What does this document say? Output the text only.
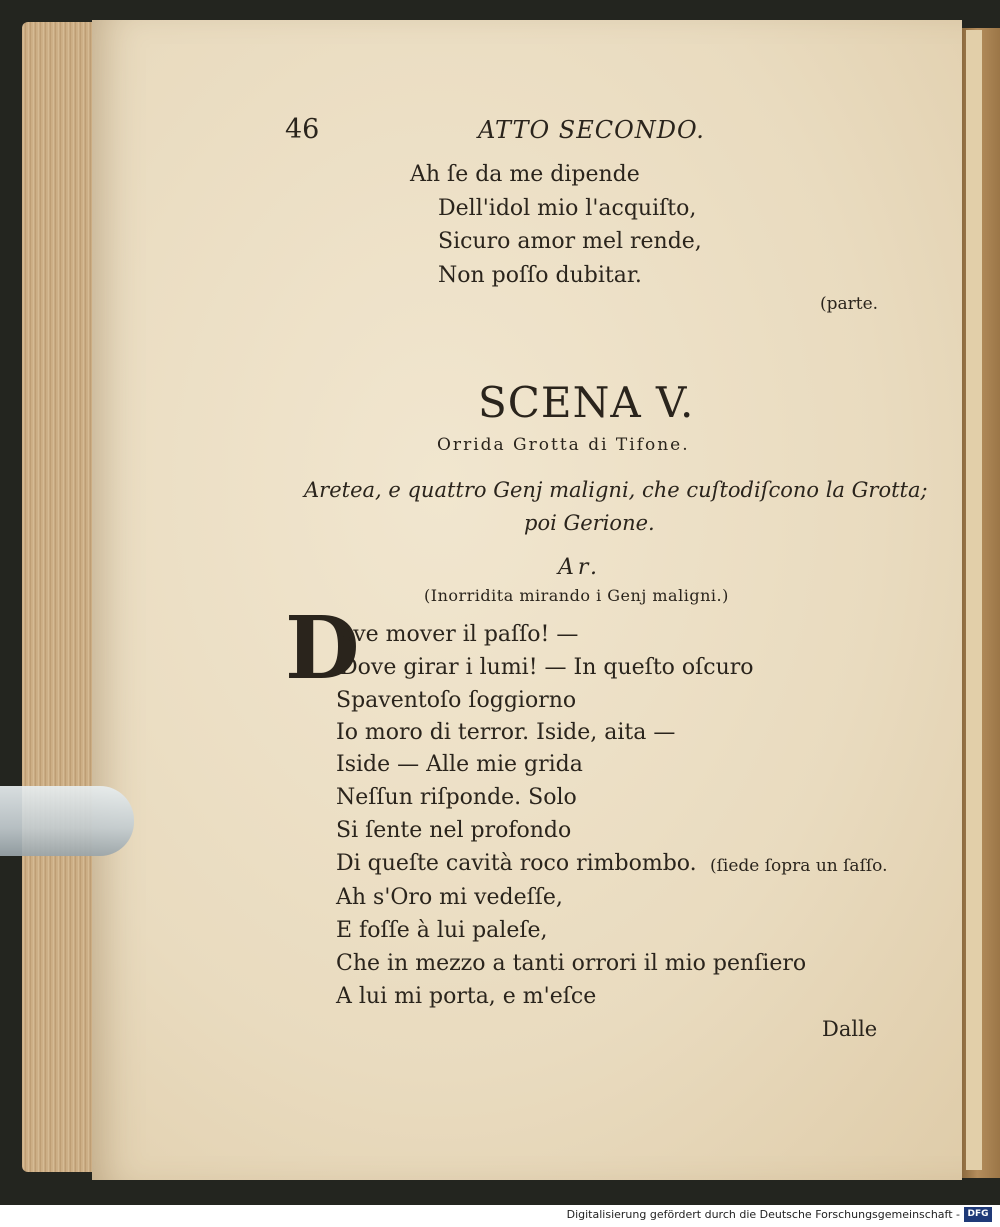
46	ATTO SECONDO.
Ah ſe da me dipende
Dell'idol mio l'acquiſto,
Sicuro amor mel rende,
Non poſſo dubitar.
(parte.
SCENA V.
Orrida Grotta di Tifone.
Aretea, e quattro Genj maligni, che cuſtodiſcono la Grotta;
poi Gerione.
Ar.
(Inorridita mirando i Genj maligni.)
D
ove mover il paſſo! —
Dove girar i lumi! — In queſto oſcuro
Spaventoſo ſoggiorno
Io moro di terror. Iside, aita —
Iside — Alle mie grida
Neſſun riſponde. Solo
Si ſente nel profondo
Di queſte cavità roco rimbombo. (ſiede ſopra un ſaſſo.
Ah s'Oro mi vedeſſe,
E foſſe à lui paleſe,
Che in mezzo a tanti orrori il mio penſiero
A lui mi porta, e m'eſce
Dalle
Digitalisierung gefördert durch die Deutsche Forschungsgemeinschaft - DFG
